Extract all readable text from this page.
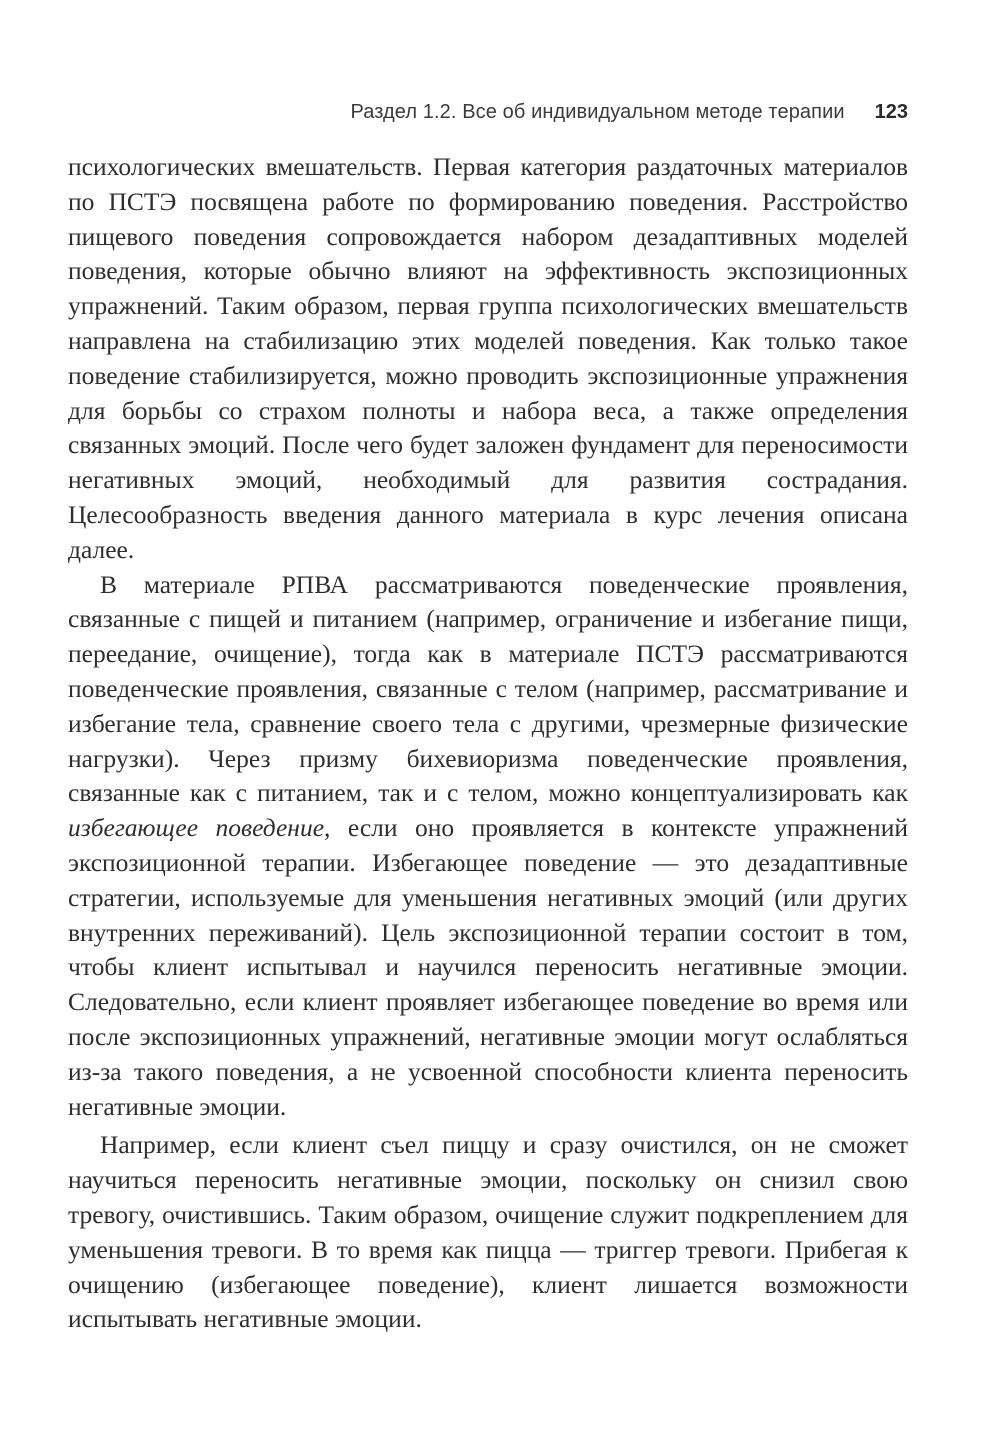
Раздел 1.2. Все об индивидуальном методе терапии 123

психологических вмешательств. Первая категория раздаточных материалов по ПСТЭ посвящена работе по формированию поведения. Расстройство пищевого поведения сопровождается набором дезадаптивных моделей поведения, которые обычно влияют на эффективность экспозиционных упражнений. Таким образом, первая группа психологических вмешательств направлена на стабилизацию этих моделей поведения. Как только такое поведение стабилизируется, можно проводить экспозиционные упражнения для борьбы со страхом полноты и набора веса, а также определения связанных эмоций. После чего будет заложен фундамент для переносимости негативных эмоций, необходимый для развития сострадания. Целесообразность введения данного материала в курс лечения описана далее.

В материале РПВА рассматриваются поведенческие проявления, связанные с пищей и питанием (например, ограничение и избегание пищи, переедание, очищение), тогда как в материале ПСТЭ рассматриваются поведенческие проявления, связанные с телом (например, рассматривание и избегание тела, сравнение своего тела с другими, чрезмерные физические нагрузки). Через призму бихевиоризма поведенческие проявления, связанные как с питанием, так и с телом, можно концептуализировать как избегающее поведение, если оно проявляется в контексте упражнений экспозиционной терапии. Избегающее поведение — это дезадаптивные стратегии, используемые для уменьшения негативных эмоций (или других внутренних переживаний). Цель экспозиционной терапии состоит в том, чтобы клиент испытывал и научился переносить негативные эмоции. Следовательно, если клиент проявляет избегающее поведение во время или после экспозиционных упражнений, негативные эмоции могут ослабляться из-за такого поведения, а не усвоенной способности клиента переносить негативные эмоции.

Например, если клиент съел пиццу и сразу очистился, он не сможет научиться переносить негативные эмоции, поскольку он снизил свою тревогу, очистившись. Таким образом, очищение служит подкреплением для уменьшения тревоги. В то время как пицца — триггер тревоги. Прибегая к очищению (избегающее поведение), клиент лишается возможности испытывать негативные эмоции.
